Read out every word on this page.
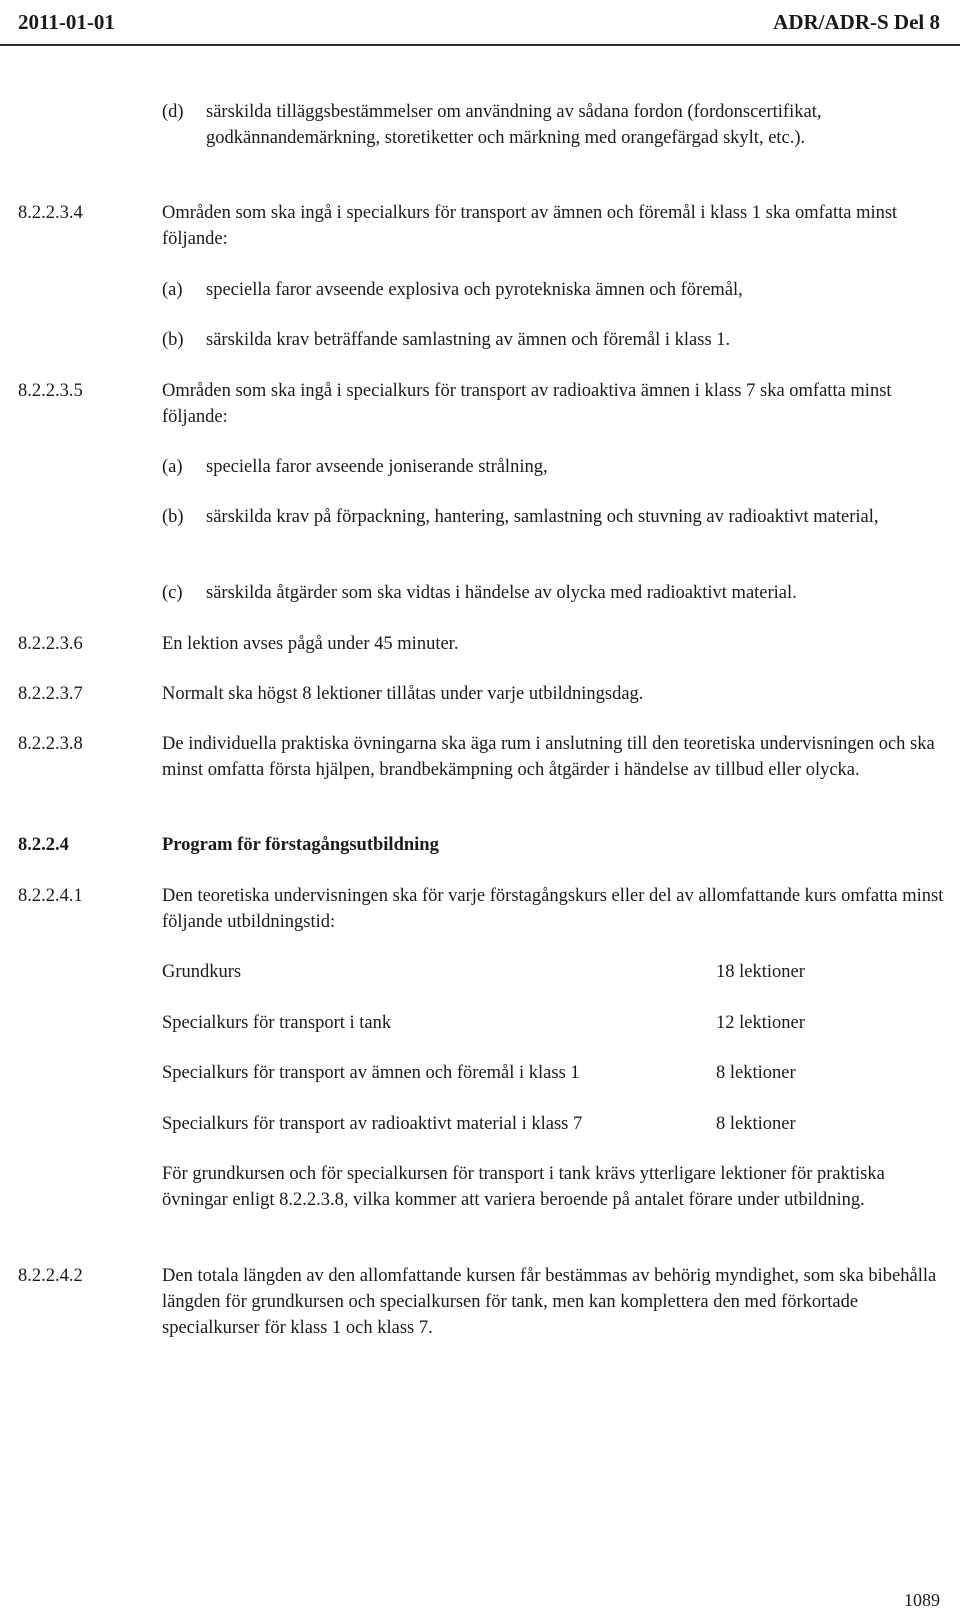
2011-01-01	ADR/ADR-S Del 8
(d)	särskilda tilläggsbestämmelser om användning av sådana fordon (fordonscertifikat, godkännandemärkning, storetiketter och märkning med orangefärgad skylt, etc.).
8.2.2.3.4	Områden som ska ingå i specialkurs för transport av ämnen och föremål i klass 1 ska omfatta minst följande:
(a)	speciella faror avseende explosiva och pyrotekniska ämnen och föremål,
(b)	särskilda krav beträffande samlastning av ämnen och föremål i klass 1.
8.2.2.3.5	Områden som ska ingå i specialkurs för transport av radioaktiva ämnen i klass 7 ska omfatta minst följande:
(a)	speciella faror avseende joniserande strålning,
(b)	särskilda krav på förpackning, hantering, samlastning och stuvning av radioaktivt material,
(c)	särskilda åtgärder som ska vidtas i händelse av olycka med radioaktivt material.
8.2.2.3.6	En lektion avses pågå under 45 minuter.
8.2.2.3.7	Normalt ska högst 8 lektioner tillåtas under varje utbildningsdag.
8.2.2.3.8	De individuella praktiska övningarna ska äga rum i anslutning till den teoretiska undervisningen och ska minst omfatta första hjälpen, brandbekämpning och åtgärder i händelse av tillbud eller olycka.
8.2.2.4	Program för förstagångsutbildning
8.2.2.4.1	Den teoretiska undervisningen ska för varje förstagångskurs eller del av allomfattande kurs omfatta minst följande utbildningstid:
Grundkurs	18 lektioner
Specialkurs för transport i tank	12 lektioner
Specialkurs för transport av ämnen och föremål i klass 1	8 lektioner
Specialkurs för transport av radioaktivt material i klass 7	8 lektioner
För grundkursen och för specialkursen för transport i tank krävs ytterligare lektioner för praktiska övningar enligt 8.2.2.3.8, vilka kommer att variera beroende på antalet förare under utbildning.
8.2.2.4.2	Den totala längden av den allomfattande kursen får bestämmas av behörig myndighet, som ska bibehålla längden för grundkursen och specialkursen för tank, men kan komplettera den med förkortade specialkurser för klass 1 och klass 7.
1089
